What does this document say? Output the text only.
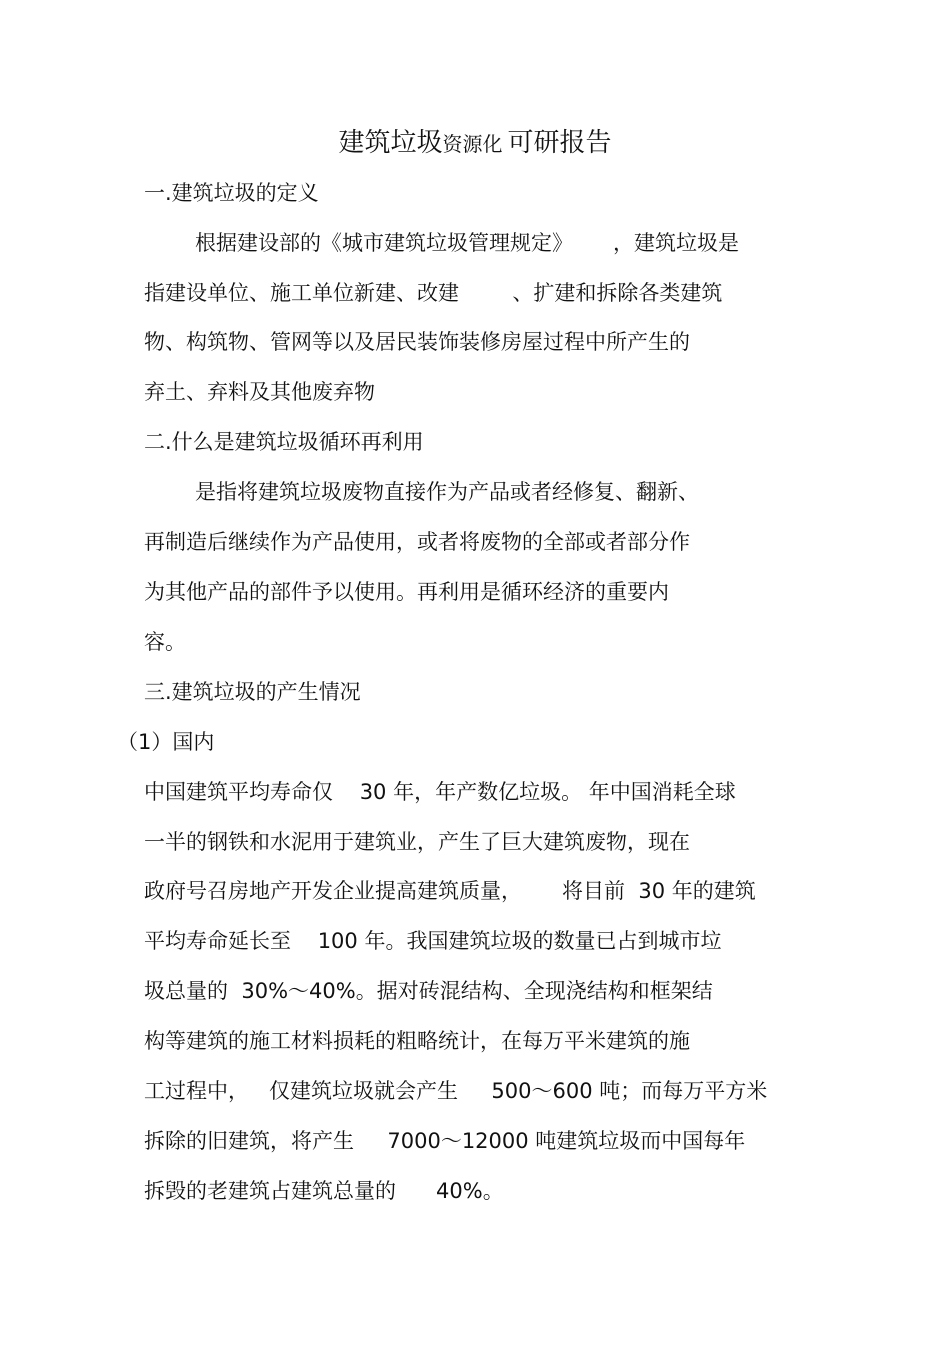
建筑垃圾资源化 可研报告
一.建筑垃圾的定义
根据建设部的《城市建筑垃圾管理规定》      ，建筑垃圾是
指建设单位、施工单位新建、改建        、扩建和拆除各类建筑
物、构筑物、管网等以及居民装饰装修房屋过程中所产生的
弃土、弃料及其他废弃物
二.什么是建筑垃圾循环再利用
是指将建筑垃圾废物直接作为产品或者经修复、翻新、
再制造后继续作为产品使用，或者将废物的全部或者部分作
为其他产品的部件予以使用。再利用是循环经济的重要内
容。
三.建筑垃圾的产生情况
（1）国内
中国建筑平均寿命仅    30 年，年产数亿垃圾。 年中国消耗全球
一半的钢铁和水泥用于建筑业，产生了巨大建筑废物，现在
政府号召房地产开发企业提高建筑质量，      将目前  30 年的建筑
平均寿命延长至    100 年。我国建筑垃圾的数量已占到城市垃
圾总量的  30%～40%。据对砖混结构、全现浇结构和框架结
构等建筑的施工材料损耗的粗略统计，在每万平米建筑的施
工过程中，   仅建筑垃圾就会产生     500～600 吨；而每万平方米
拆除的旧建筑，将产生     7000～12000 吨建筑垃圾而中国每年
拆毁的老建筑占建筑总量的      40%。
